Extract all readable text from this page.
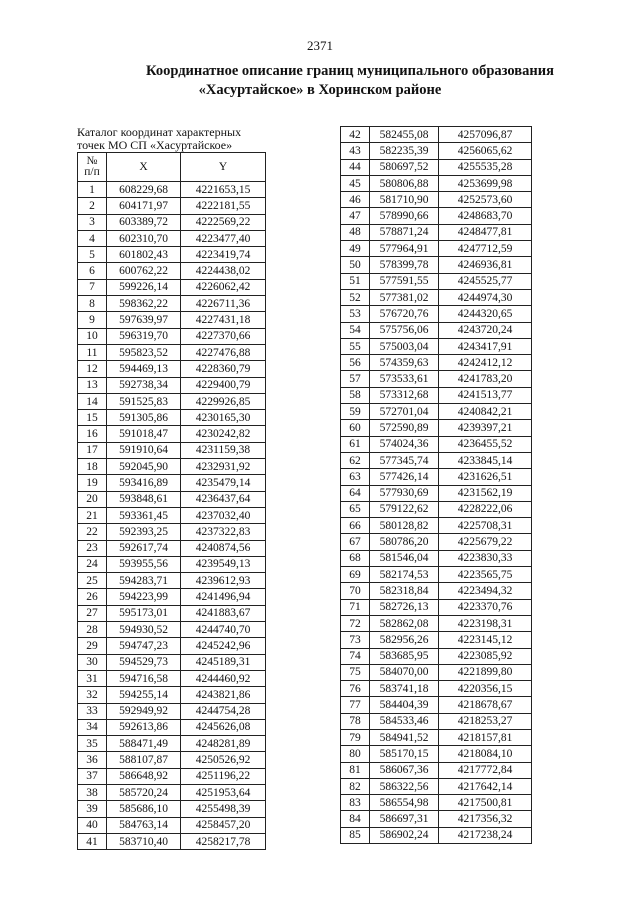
2371
Координатное описание границ муниципального образования
«Хасуртайское» в Хоринском районе
Каталог координат характерных точек МО СП «Хасуртайское»
№
п/п	X	Y
1	608229,68	4221653,15
2	604171,97	4222181,55
3	603389,72	4222569,22
4	602310,70	4223477,40
5	601802,43	4223419,74
6	600762,22	4224438,02
7	599226,14	4226062,42
8	598362,22	4226711,36
9	597639,97	4227431,18
10	596319,70	4227370,66
11	595823,52	4227476,88
12	594469,13	4228360,79
13	592738,34	4229400,79
14	591525,83	4229926,85
15	591305,86	4230165,30
16	591018,47	4230242,82
17	591910,64	4231159,38
18	592045,90	4232931,92
19	593416,89	4235479,14
20	593848,61	4236437,64
21	593361,45	4237032,40
22	592393,25	4237322,83
23	592617,74	4240874,56
24	593955,56	4239549,13
25	594283,71	4239612,93
26	594223,99	4241496,94
27	595173,01	4241883,67
28	594930,52	4244740,70
29	594747,23	4245242,96
30	594529,73	4245189,31
31	594716,58	4244460,92
32	594255,14	4243821,86
33	592949,92	4244754,28
34	592613,86	4245626,08
35	588471,49	4248281,89
36	588107,87	4250526,92
37	586648,92	4251196,22
38	585720,24	4251953,64
39	585686,10	4255498,39
40	584763,14	4258457,20
41	583710,40	4258217,78
42	582455,08	4257096,87
43	582235,39	4256065,62
44	580697,52	4255535,28
45	580806,88	4253699,98
46	581710,90	4252573,60
47	578990,66	4248683,70
48	578871,24	4248477,81
49	577964,91	4247712,59
50	578399,78	4246936,81
51	577591,55	4245525,77
52	577381,02	4244974,30
53	576720,76	4244320,65
54	575756,06	4243720,24
55	575003,04	4243417,91
56	574359,63	4242412,12
57	573533,61	4241783,20
58	573312,68	4241513,77
59	572701,04	4240842,21
60	572590,89	4239397,21
61	574024,36	4236455,52
62	577345,74	4233845,14
63	577426,14	4231626,51
64	577930,69	4231562,19
65	579122,62	4228222,06
66	580128,82	4225708,31
67	580786,20	4225679,22
68	581546,04	4223830,33
69	582174,53	4223565,75
70	582318,84	4223494,32
71	582726,13	4223370,76
72	582862,08	4223198,31
73	582956,26	4223145,12
74	583685,95	4223085,92
75	584070,00	4221899,80
76	583741,18	4220356,15
77	584404,39	4218678,67
78	584533,46	4218253,27
79	584941,52	4218157,81
80	585170,15	4218084,10
81	586067,36	4217772,84
82	586322,56	4217642,14
83	586554,98	4217500,81
84	586697,31	4217356,32
85	586902,24	4217238,24
